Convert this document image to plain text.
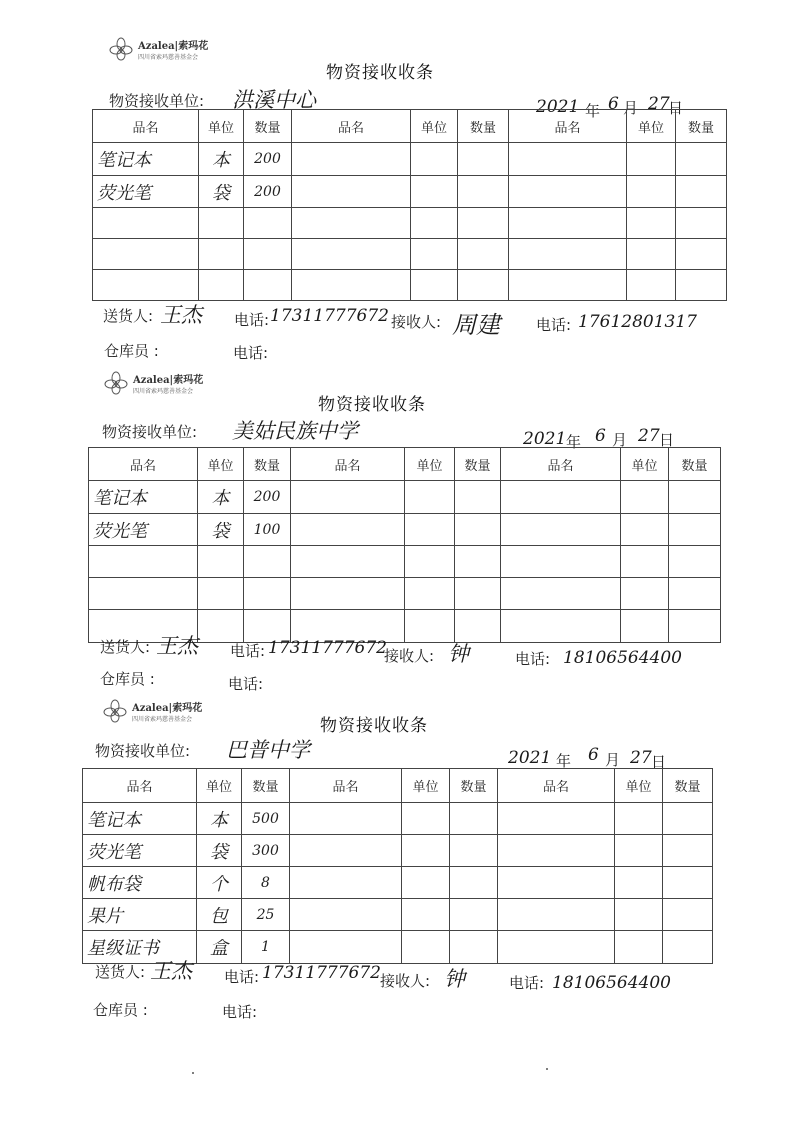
Azalea|索玛花
四川省索玛慈善基金会
物资接收收条
物资接收单位: 洪溪中心	2021 年 6 月 27
日
品名	单位	数量	品名	单位	数量	品名	单位	数量
笔记本	本	200						
荧光笔	袋	200						

送货人: 王杰 电话: 17311777672 接收人: 周建 电话: 17612801317
仓库员 :	电话:
Azalea|索玛花
四川省索玛慈善基金会
物资接收收条
物资接收单位: 美姑民族中学	2021 年 6 月 27 日
品名	单位	数量	品名	单位	数量	品名	单位	数量
笔记本	本	200						
荧光笔	袋	100						

送货人: 王杰 电话: 17311777672
接收人: 钟	电话: 18106564400
仓库员 :	电话:
Azalea|索玛花
四川省索玛慈善基金会	物资接收收条
物资接收单位: 巴普中学	2021 年 6 月 27 日
品名	单位	数量	品名	单位	数量	品名	单位	数量
笔记本	本	500						
荧光笔	袋	300						
帆布袋	个	8						
果片	包	25						
星级证书	盒	1						
送货人: 王杰 电话: 17311777672 接收人: 钟	电话: 18106564400
仓库员 :	电话:
